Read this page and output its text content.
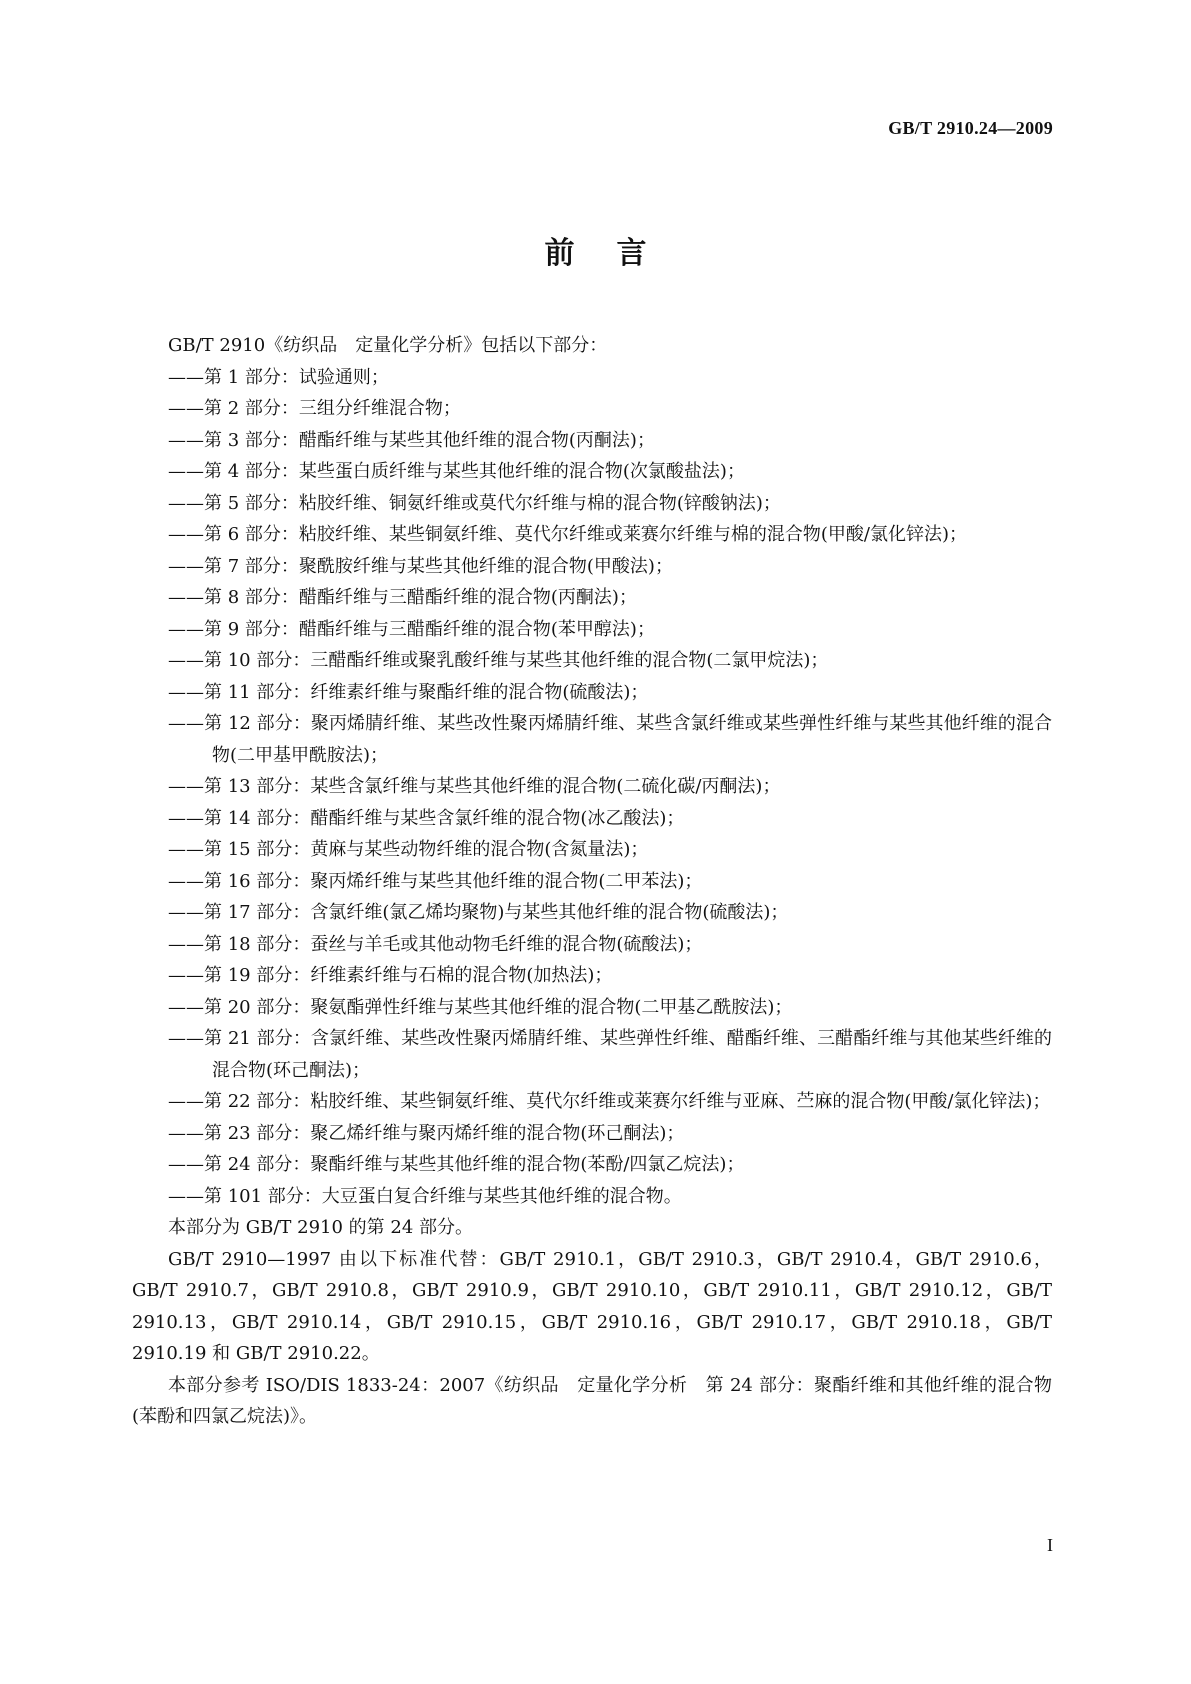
GB/T 2910.24—2009
前言
GB/T 2910《纺织品　定量化学分析》包括以下部分：
——第 1 部分：试验通则；
——第 2 部分：三组分纤维混合物；
——第 3 部分：醋酯纤维与某些其他纤维的混合物(丙酮法)；
——第 4 部分：某些蛋白质纤维与某些其他纤维的混合物(次氯酸盐法)；
——第 5 部分：粘胶纤维、铜氨纤维或莫代尔纤维与棉的混合物(锌酸钠法)；
——第 6 部分：粘胶纤维、某些铜氨纤维、莫代尔纤维或莱赛尔纤维与棉的混合物(甲酸/氯化锌法)；
——第 7 部分：聚酰胺纤维与某些其他纤维的混合物(甲酸法)；
——第 8 部分：醋酯纤维与三醋酯纤维的混合物(丙酮法)；
——第 9 部分：醋酯纤维与三醋酯纤维的混合物(苯甲醇法)；
——第 10 部分：三醋酯纤维或聚乳酸纤维与某些其他纤维的混合物(二氯甲烷法)；
——第 11 部分：纤维素纤维与聚酯纤维的混合物(硫酸法)；
——第 12 部分：聚丙烯腈纤维、某些改性聚丙烯腈纤维、某些含氯纤维或某些弹性纤维与某些其他纤维的混合物(二甲基甲酰胺法)；
——第 13 部分：某些含氯纤维与某些其他纤维的混合物(二硫化碳/丙酮法)；
——第 14 部分：醋酯纤维与某些含氯纤维的混合物(冰乙酸法)；
——第 15 部分：黄麻与某些动物纤维的混合物(含氮量法)；
——第 16 部分：聚丙烯纤维与某些其他纤维的混合物(二甲苯法)；
——第 17 部分：含氯纤维(氯乙烯均聚物)与某些其他纤维的混合物(硫酸法)；
——第 18 部分：蚕丝与羊毛或其他动物毛纤维的混合物(硫酸法)；
——第 19 部分：纤维素纤维与石棉的混合物(加热法)；
——第 20 部分：聚氨酯弹性纤维与某些其他纤维的混合物(二甲基乙酰胺法)；
——第 21 部分：含氯纤维、某些改性聚丙烯腈纤维、某些弹性纤维、醋酯纤维、三醋酯纤维与其他某些纤维的混合物(环己酮法)；
——第 22 部分：粘胶纤维、某些铜氨纤维、莫代尔纤维或莱赛尔纤维与亚麻、苎麻的混合物(甲酸/氯化锌法)；
——第 23 部分：聚乙烯纤维与聚丙烯纤维的混合物(环己酮法)；
——第 24 部分：聚酯纤维与某些其他纤维的混合物(苯酚/四氯乙烷法)；
——第 101 部分：大豆蛋白复合纤维与某些其他纤维的混合物。
本部分为 GB/T 2910 的第 24 部分。
GB/T 2910—1997 由以下标准代替：GB/T 2910.1，GB/T 2910.3，GB/T 2910.4，GB/T 2910.6，GB/T 2910.7，GB/T 2910.8，GB/T 2910.9，GB/T 2910.10，GB/T 2910.11，GB/T 2910.12，GB/T 2910.13，GB/T 2910.14，GB/T 2910.15，GB/T 2910.16，GB/T 2910.17，GB/T 2910.18，GB/T 2910.19 和 GB/T 2910.22。
本部分参考 ISO/DIS 1833-24：2007《纺织品　定量化学分析　第 24 部分：聚酯纤维和其他纤维的混合物(苯酚和四氯乙烷法)》。
I
